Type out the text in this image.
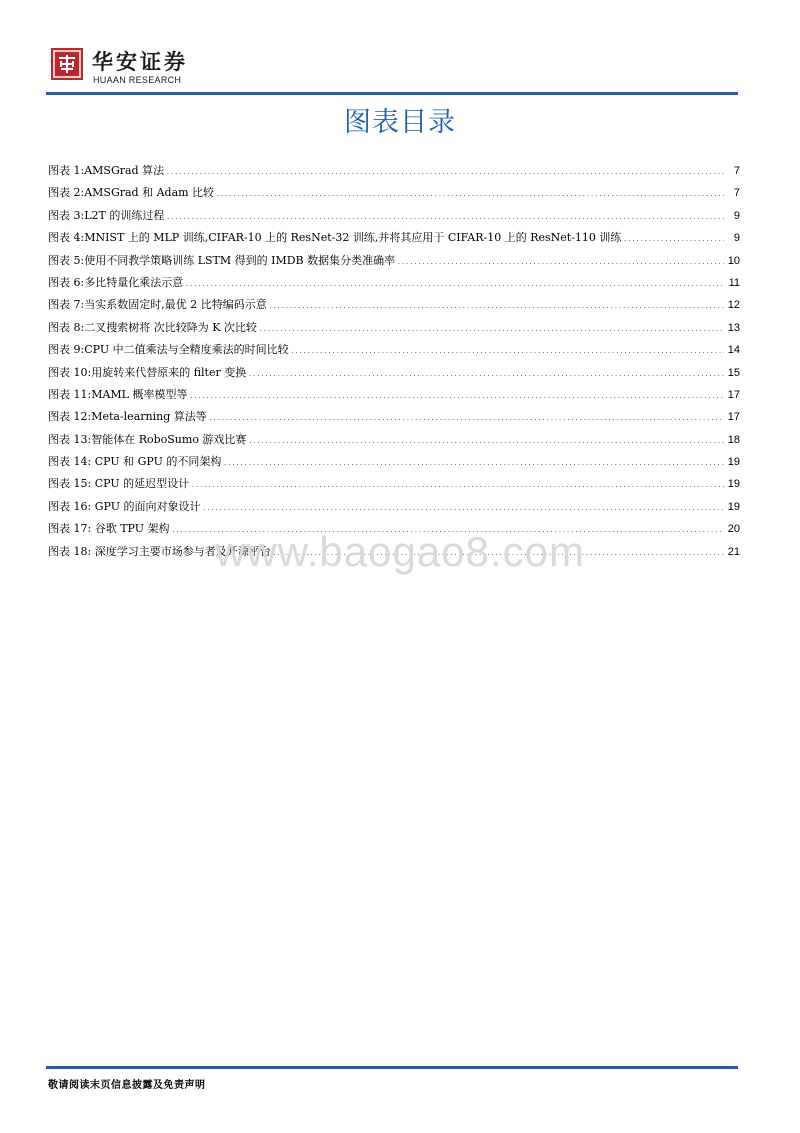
华安证券
HUAAN RESEARCH
图表目录
图表 1:AMSGrad 算法 .....	7
图表 2:AMSGrad 和 Adam 比较 .....	7
图表 3:L2T 的训练过程 .....	9
图表 4:MNIST 上的 MLP 训练,CIFAR-10 上的 ResNet-32 训练,并将其应用于 CIFAR-10 上的 ResNet-110 训练 .....	9
图表 5:使用不同教学策略训练 LSTM 得到的 IMDB 数据集分类准确率 .....	10
图表 6:多比特量化乘法示意 .....	11
图表 7:当实系数固定时,最优 2 比特编码示意 .....	12
图表 8:二叉搜索树将 次比较降为 K 次比较 .....	13
图表 9:CPU 中二值乘法与全精度乘法的时间比较 .....	14
图表 10:用旋转来代替原来的 filter 变换 .....	15
图表 11:MAML 概率模型等 .....	17
图表 12:Meta-learning 算法等 .....	17
图表 13:智能体在 RoboSumo 游戏比赛 .....	18
图表 14: CPU 和 GPU 的不同架构 .....	19
图表 15: CPU 的延迟型设计 .....	19
图表 16: GPU 的面向对象设计 .....	19
图表 17: 谷歌 TPU 架构 .....	20
图表 18: 深度学习主要市场参与者及开源平台 .....	21
www.baogao8.com
敬请阅读末页信息披露及免责声明
